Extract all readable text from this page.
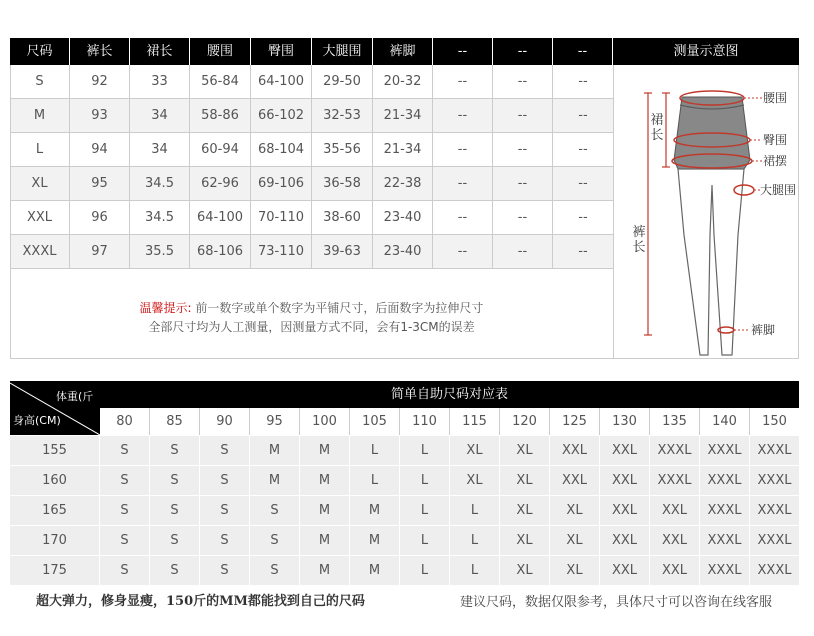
尺码	裤长	裙长	腰围	臀围	大腿围	裤脚	--	--	--	测量示意图
S	92	33	56-84	64-100	29-50	20-32	--	--	--
M	93	34	58-86	66-102	32-53	21-34	--	--	--
L	94	34	60-94	68-104	35-56	21-34	--	--	--
XL	95	34.5	62-96	69-106	36-58	22-38	--	--	--
XXL	96	34.5	64-100	70-110	38-60	23-40	--	--	--
XXXL	97	35.5	68-106	73-110	39-63	23-40	--	--	--
温馨提示: 前一数字或单个数字为平铺尺寸，后面数字为拉伸尺寸
全部尺寸均为人工测量，因测量方式不同，会有1-3CM的误差
腰围
臀围
裙摆
大腿围
裤脚
裙长
裤长
体重(斤
身高(CM)
简单自助尺码对应表
80	85	90	95	100	105	110	115	120	125	130	135	140	150
155	S	S	S	M	M	L	L	XL	XL	XXL	XXL	XXXL	XXXL	XXXL
160	S	S	S	M	M	L	L	XL	XL	XXL	XXL	XXXL	XXXL	XXXL
165	S	S	S	S	M	M	L	L	XL	XL	XXL	XXL	XXXL	XXXL
170	S	S	S	S	M	M	L	L	XL	XL	XXL	XXL	XXXL	XXXL
175	S	S	S	S	M	M	L	L	XL	XL	XXL	XXL	XXXL	XXXL
超大弹力，修身显瘦，150斤的MM都能找到自己的尺码	建议尺码，数据仅限参考，具体尺寸可以咨询在线客服
